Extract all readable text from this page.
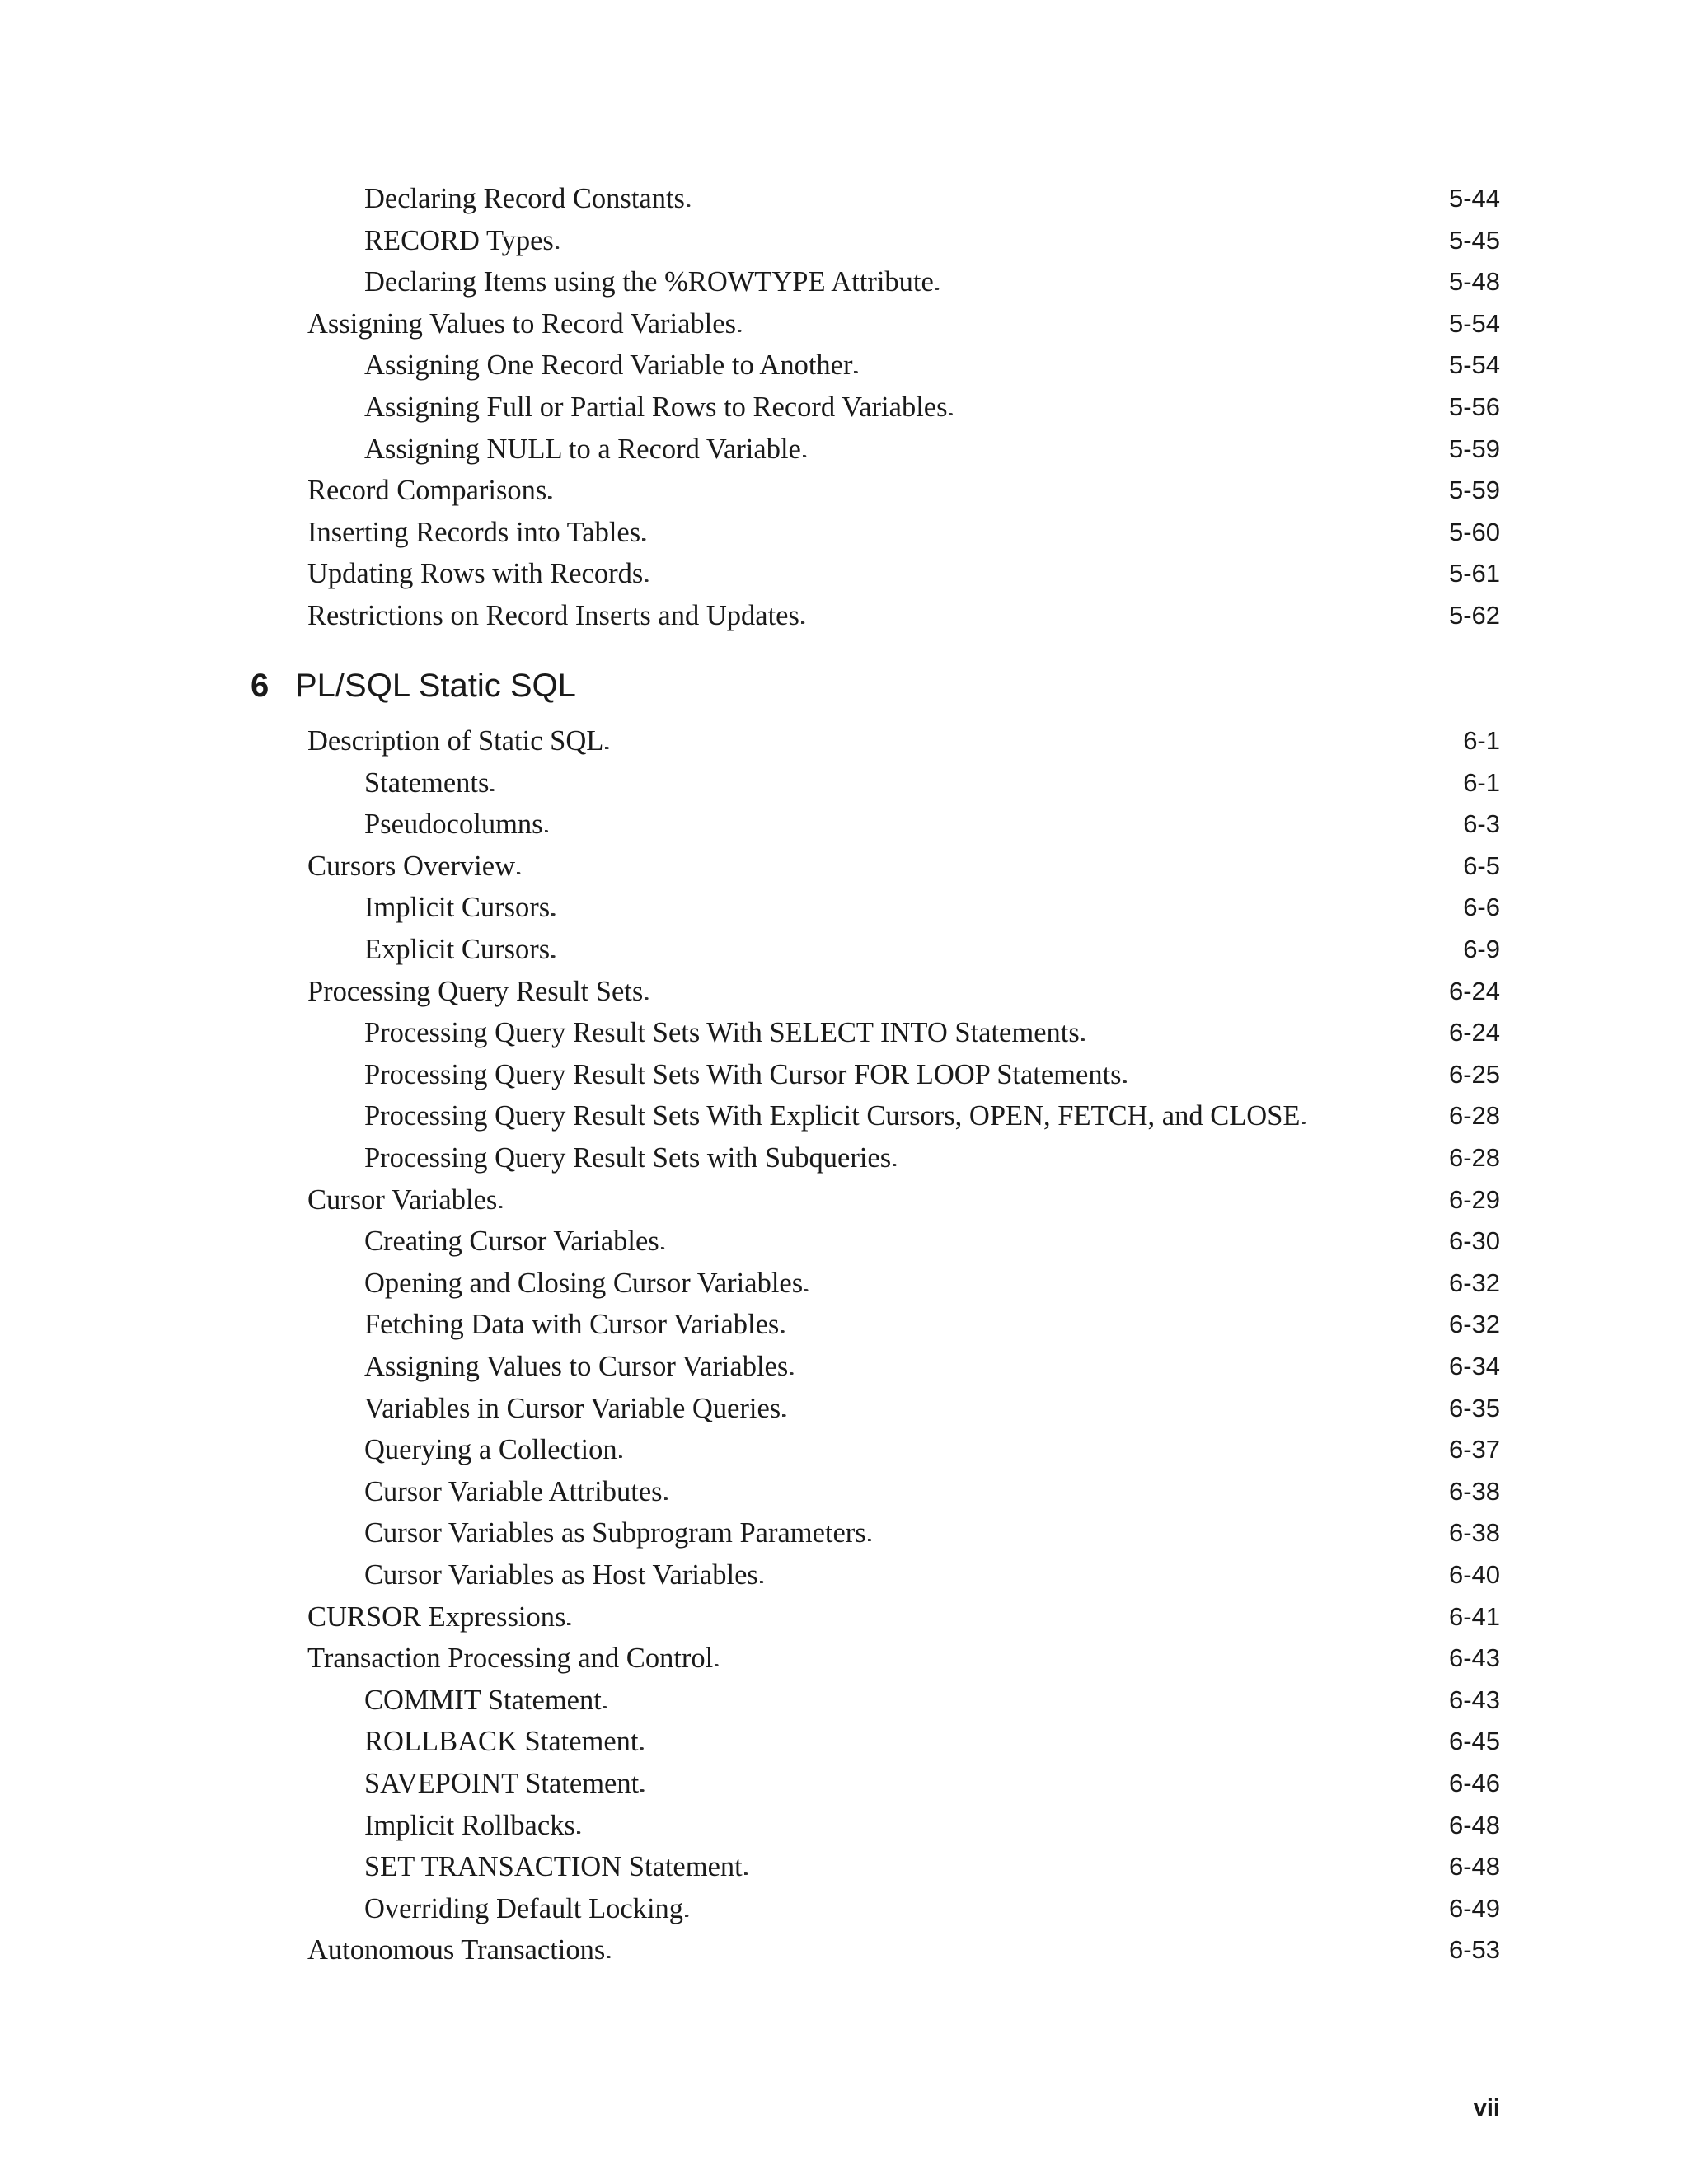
Declaring Record Constants . . .	5-44
RECORD Types . . .	5-45
Declaring Items using the %ROWTYPE Attribute . . .	5-48
Assigning Values to Record Variables . . .	5-54
Assigning One Record Variable to Another . . .	5-54
Assigning Full or Partial Rows to Record Variables . . .	5-56
Assigning NULL to a Record Variable . . .	5-59
Record Comparisons . . .	5-59
Inserting Records into Tables . . .	5-60
Updating Rows with Records . . .	5-61
Restrictions on Record Inserts and Updates . . .	5-62
6 PL/SQL Static SQL
Description of Static SQL . . .	6-1
Statements . . .	6-1
Pseudocolumns . . .	6-3
Cursors Overview . . .	6-5
Implicit Cursors . . .	6-6
Explicit Cursors . . .	6-9
Processing Query Result Sets . . .	6-24
Processing Query Result Sets With SELECT INTO Statements . . .	6-24
Processing Query Result Sets With Cursor FOR LOOP Statements . . .	6-25
Processing Query Result Sets With Explicit Cursors, OPEN, FETCH, and CLOSE . . .	6-28
Processing Query Result Sets with Subqueries . . .	6-28
Cursor Variables . . .	6-29
Creating Cursor Variables . . .	6-30
Opening and Closing Cursor Variables . . .	6-32
Fetching Data with Cursor Variables . . .	6-32
Assigning Values to Cursor Variables . . .	6-34
Variables in Cursor Variable Queries . . .	6-35
Querying a Collection . . .	6-37
Cursor Variable Attributes . . .	6-38
Cursor Variables as Subprogram Parameters . . .	6-38
Cursor Variables as Host Variables . . .	6-40
CURSOR Expressions . . .	6-41
Transaction Processing and Control . . .	6-43
COMMIT Statement . . .	6-43
ROLLBACK Statement . . .	6-45
SAVEPOINT Statement . . .	6-46
Implicit Rollbacks . . .	6-48
SET TRANSACTION Statement . . .	6-48
Overriding Default Locking . . .	6-49
Autonomous Transactions . . .	6-53
vii
